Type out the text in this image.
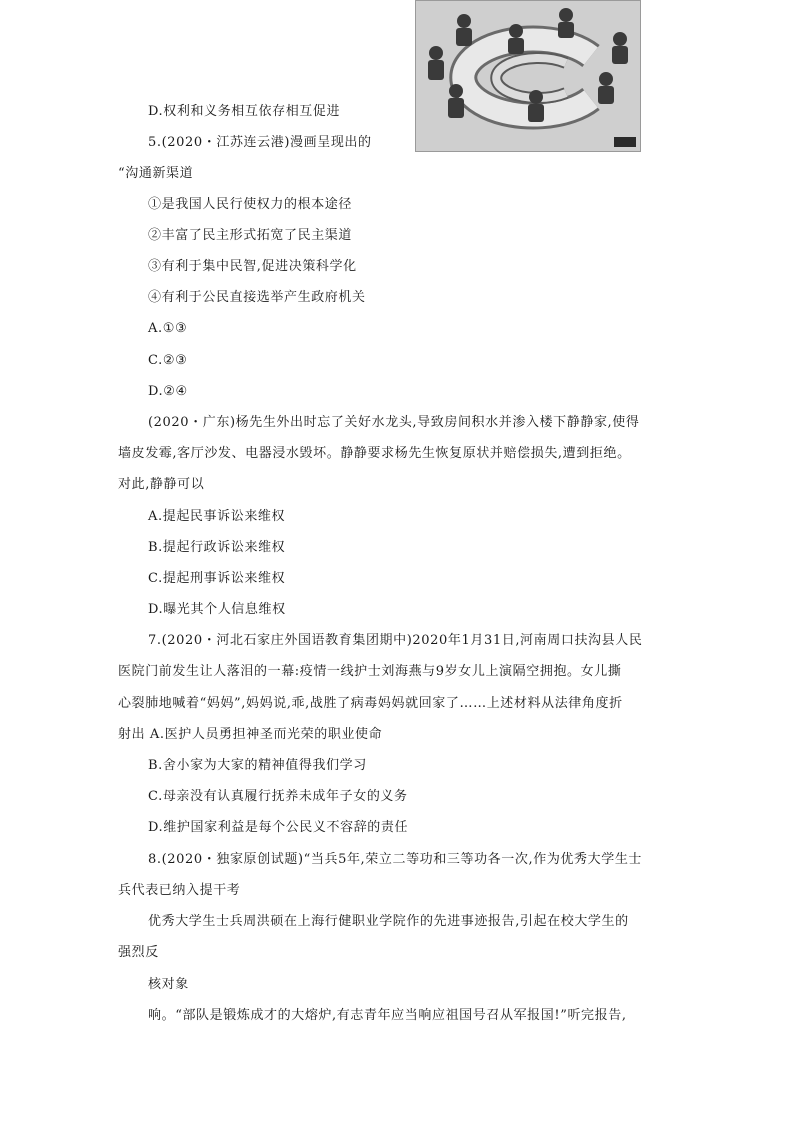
D.权利和义务相互依存相互促进
5.(2020・江苏连云港)漫画呈现出的
“沟通新渠道
①是我国人民行使权力的根本途径
②丰富了民主形式拓宽了民主渠道
③有利于集中民智,促进决策科学化
④有利于公民直接选举产生政府机关
A.①③
C.②③
D.②④
(2020・广东)杨先生外出时忘了关好水龙头,导致房间积水并渗入楼下静静家,使得
墙皮发霉,客厅沙发、电器浸水毁坏。静静要求杨先生恢复原状并赔偿损失,遭到拒绝。
对此,静静可以
A.提起民事诉讼来维权
B.提起行政诉讼来维权
C.提起刑事诉讼来维权
D.曝光其个人信息维权
7.(2020・河北石家庄外国语教育集团期中)2020年1月31日,河南周口扶沟县人民
医院门前发生让人落泪的一幕:疫情一线护士刘海燕与9岁女儿上演隔空拥抱。女儿撕
心裂肺地喊着“妈妈”,妈妈说,乖,战胜了病毒妈妈就回家了……上述材料从法律角度折
射出 A.医护人员勇担神圣而光荣的职业使命
B.舍小家为大家的精神值得我们学习
C.母亲没有认真履行抚养未成年子女的义务
D.维护国家利益是每个公民义不容辞的责任
8.(2020・独家原创试题)“当兵5年,荣立二等功和三等功各一次,作为优秀大学生士
兵代表已纳入提干考
优秀大学生士兵周洪硕在上海行健职业学院作的先进事迹报告,引起在校大学生的
强烈反
核对象
响。“部队是锻炼成才的大熔炉,有志青年应当响应祖国号召从军报国!”听完报告,
